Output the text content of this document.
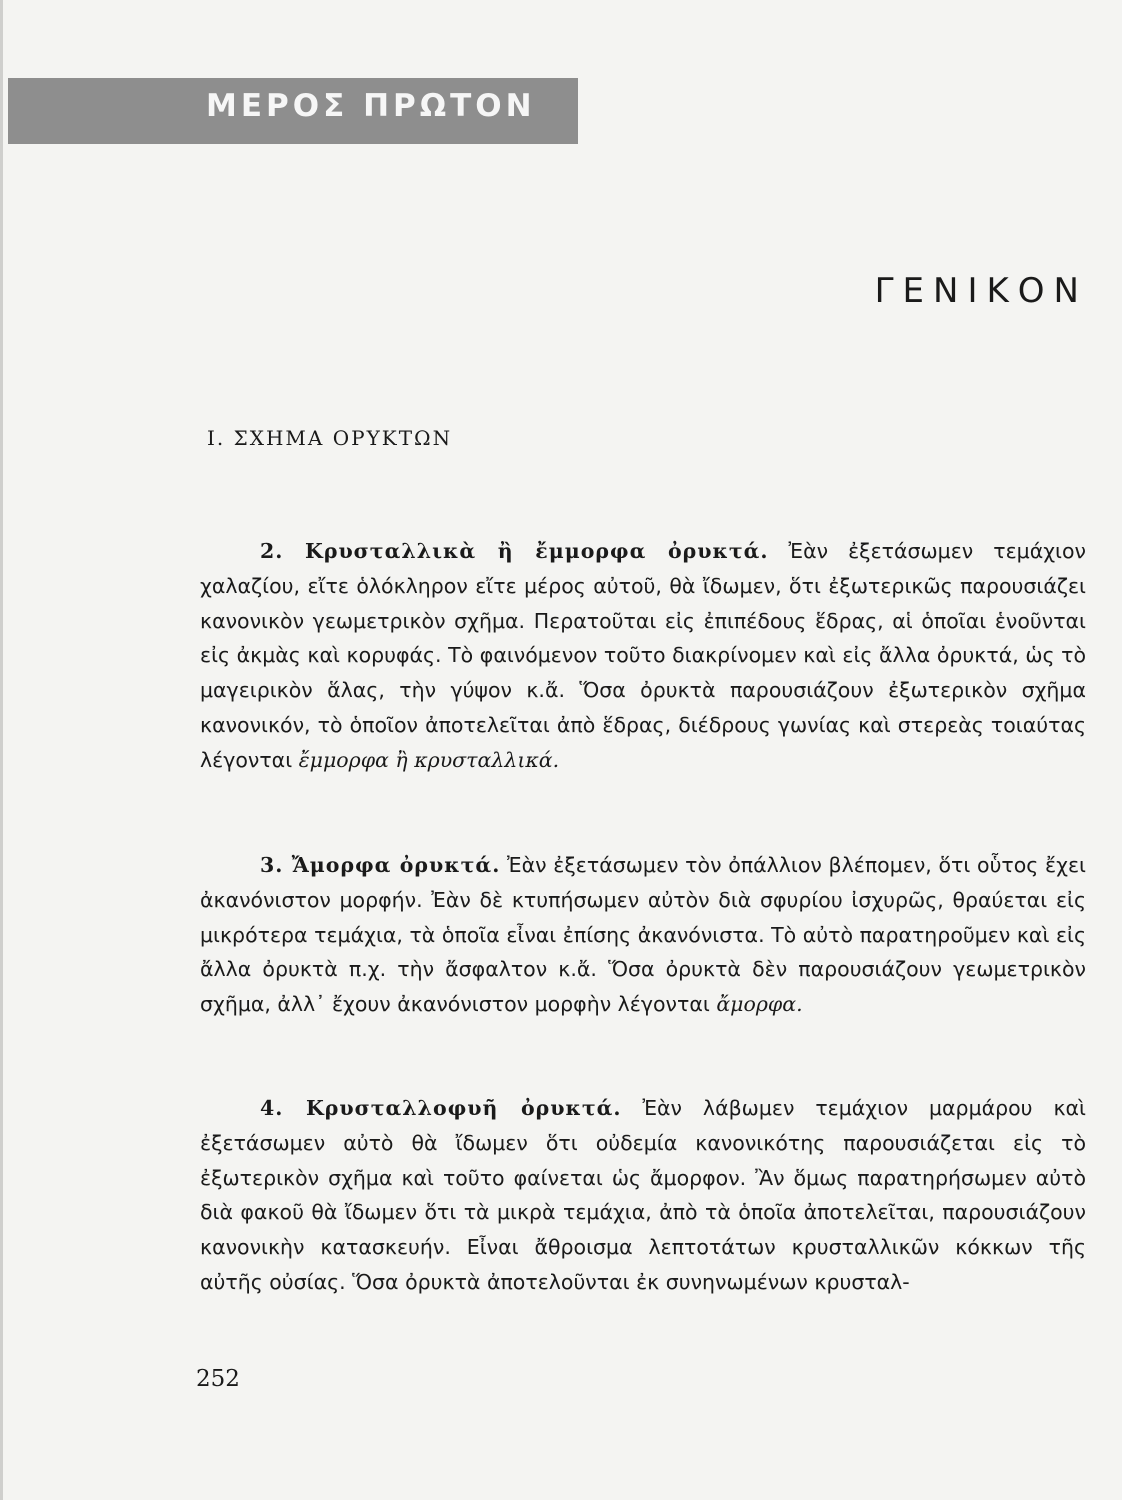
ΜΕΡΟΣ ΠΡΩΤΟΝ
ΓΕΝΙΚΟΝ
Ι. ΣΧΗΜΑ ΟΡΥΚΤΩΝ

2. Κρυσταλλικὰ ἢ ἔμμορφα ὀρυκτά. Ἐὰν ἐξετάσωμεν τεμάχιον χαλαζίου, εἴτε ὁλόκληρον εἴτε μέρος αὐτοῦ, θὰ ἴδωμεν, ὅτι ἐξωτερικῶς παρουσιάζει κανονικὸν γεωμετρικὸν σχῆμα. Περατοῦται εἰς ἐπιπέδους ἕδρας, αἱ ὁποῖαι ἑνοῦνται εἰς ἀκμὰς καὶ κορυφάς. Τὸ φαινόμενον τοῦτο διακρίνομεν καὶ εἰς ἄλλα ὀρυκτά, ὡς τὸ μαγειρικὸν ἅλας, τὴν γύψον κ.ἄ. Ὅσα ὀρυκτὰ παρουσιάζουν ἐξωτερικὸν σχῆμα κανονικόν, τὸ ὁποῖον ἀποτελεῖται ἀπὸ ἕδρας, διέδρους γωνίας καὶ στερεὰς τοιαύτας λέγονται ἔμμορφα ἢ κρυσταλλικά.

3. Ἄμορφα ὀρυκτά. Ἐὰν ἐξετάσωμεν τὸν ὀπάλλιον βλέπομεν, ὅτι οὗτος ἔχει ἀκανόνιστον μορφήν. Ἐὰν δὲ κτυπήσωμεν αὐτὸν διὰ σφυρίου ἰσχυρῶς, θραύεται εἰς μικρότερα τεμάχια, τὰ ὁποῖα εἶναι ἐπίσης ἀκανόνιστα. Τὸ αὐτὸ παρατηροῦμεν καὶ εἰς ἄλλα ὀρυκτὰ π.χ. τὴν ἄσφαλτον κ.ἄ. Ὅσα ὀρυκτὰ δὲν παρουσιάζουν γεωμετρικὸν σχῆμα, ἀλλ᾽ ἔχουν ἀκανόνιστον μορφὴν λέγονται ἄμορφα.

4. Κρυσταλλοφυῆ ὀρυκτά. Ἐὰν λάβωμεν τεμάχιον μαρμάρου καὶ ἐξετάσωμεν αὐτὸ θὰ ἴδωμεν ὅτι οὐδεμία κανονικότης παρουσιάζεται εἰς τὸ ἐξωτερικὸν σχῆμα καὶ τοῦτο φαίνεται ὡς ἄμορφον. Ἂν ὅμως παρατηρήσωμεν αὐτὸ διὰ φακοῦ θὰ ἴδωμεν ὅτι τὰ μικρὰ τεμάχια, ἀπὸ τὰ ὁποῖα ἀποτελεῖται, παρουσιάζουν κανονικὴν κατασκευήν. Εἶναι ἄθροισμα λεπτοτάτων κρυσταλλικῶν κόκκων τῆς αὐτῆς οὐσίας. Ὅσα ὀρυκτὰ ἀποτελοῦνται ἐκ συνηνωμένων κρυσταλ-

252
